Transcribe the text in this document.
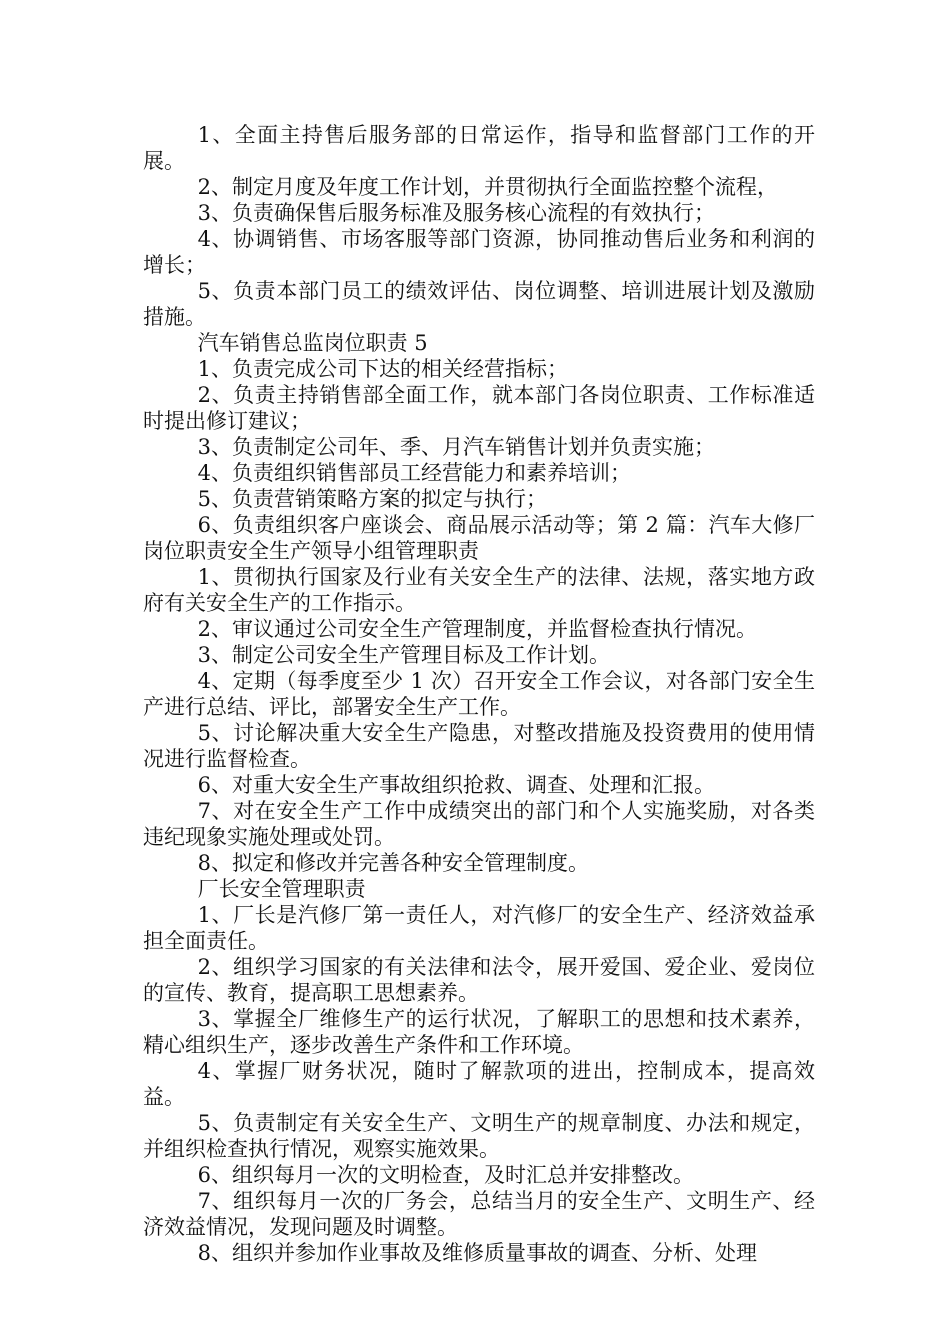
1、全面主持售后服务部的日常运作，指导和监督部门工作的开展。

2、制定月度及年度工作计划，并贯彻执行全面监控整个流程，

3、负责确保售后服务标准及服务核心流程的有效执行；

4、协调销售、市场客服等部门资源，协同推动售后业务和利润的增长；

5、负责本部门员工的绩效评估、岗位调整、培训进展计划及激励措施。

汽车销售总监岗位职责 5

1、负责完成公司下达的相关经营指标；

2、负责主持销售部全面工作，就本部门各岗位职责、工作标准适时提出修订建议；

3、负责制定公司年、季、月汽车销售计划并负责实施；

4、负责组织销售部员工经营能力和素养培训；

5、负责营销策略方案的拟定与执行；

6、负责组织客户座谈会、商品展示活动等；第 2 篇：汽车大修厂岗位职责安全生产领导小组管理职责

1、贯彻执行国家及行业有关安全生产的法律、法规，落实地方政府有关安全生产的工作指示。

2、审议通过公司安全生产管理制度，并监督检查执行情况。

3、制定公司安全生产管理目标及工作计划。

4、定期（每季度至少 1 次）召开安全工作会议，对各部门安全生产进行总结、评比，部署安全生产工作。

5、讨论解决重大安全生产隐患，对整改措施及投资费用的使用情况进行监督检查。

6、对重大安全生产事故组织抢救、调查、处理和汇报。

7、对在安全生产工作中成绩突出的部门和个人实施奖励，对各类违纪现象实施处理或处罚。

8、拟定和修改并完善各种安全管理制度。

厂长安全管理职责

1、厂长是汽修厂第一责任人，对汽修厂的安全生产、经济效益承担全面责任。

2、组织学习国家的有关法律和法令，展开爱国、爱企业、爱岗位的宣传、教育，提高职工思想素养。

3、掌握全厂维修生产的运行状况，了解职工的思想和技术素养，精心组织生产，逐步改善生产条件和工作环境。

4、掌握厂财务状况，随时了解款项的进出，控制成本，提高效益。

5、负责制定有关安全生产、文明生产的规章制度、办法和规定，并组织检查执行情况，观察实施效果。

6、组织每月一次的文明检查，及时汇总并安排整改。

7、组织每月一次的厂务会，总结当月的安全生产、文明生产、经济效益情况，发现问题及时调整。

8、组织并参加作业事故及维修质量事故的调查、分析、处理
